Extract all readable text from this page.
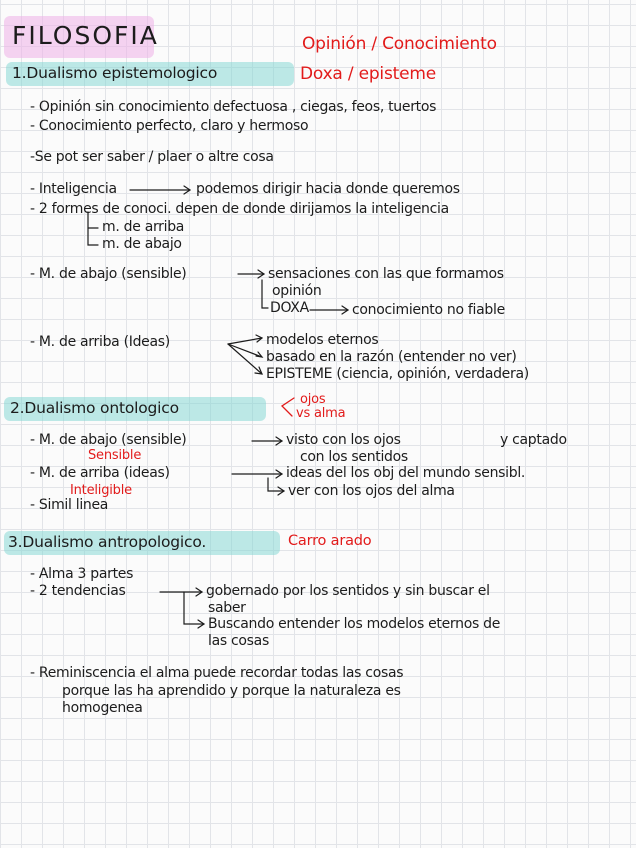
FILOSOFIA	Opinión / Conocimiento
Doxa / episteme
1.Dualismo epistemologico
- Opinión sin conocimiento defectuosa , ciegas, feos, tuertos
- Conocimiento perfecto, claro y hermoso
-Se pot ser saber / plaer o altre cosa
- Inteligencia	podemos dirigir hacia donde queremos
- 2 formes de conoci. depen de donde dirijamos la inteligencia
m. de arriba
m. de abajo
- M. de abajo (sensible)	sensaciones con las que formamos
opinión
DOXA	conocimiento no fiable
- M. de arriba (Ideas)	modelos eternos
basado en la razón (entender no ver)
EPISTEME (ciencia, opinión, verdadera)
2.Dualismo ontologico	ojos
vs alma
- M. de abajo (sensible)	visto con los ojos	y captado
con los sentidos
Sensible
- M. de arriba (ideas)	ideas del los obj del mundo sensibl.
ver con los ojos del alma
Inteligible
- Simil linea
3.Dualismo antropologico.	Carro arado
- Alma 3 partes
- 2 tendencias	gobernado por los sentidos y sin buscar el
saber
Buscando entender los modelos eternos de
las cosas
- Reminiscencia el alma puede recordar todas las cosas
porque las ha aprendido y porque la naturaleza es
homogenea
